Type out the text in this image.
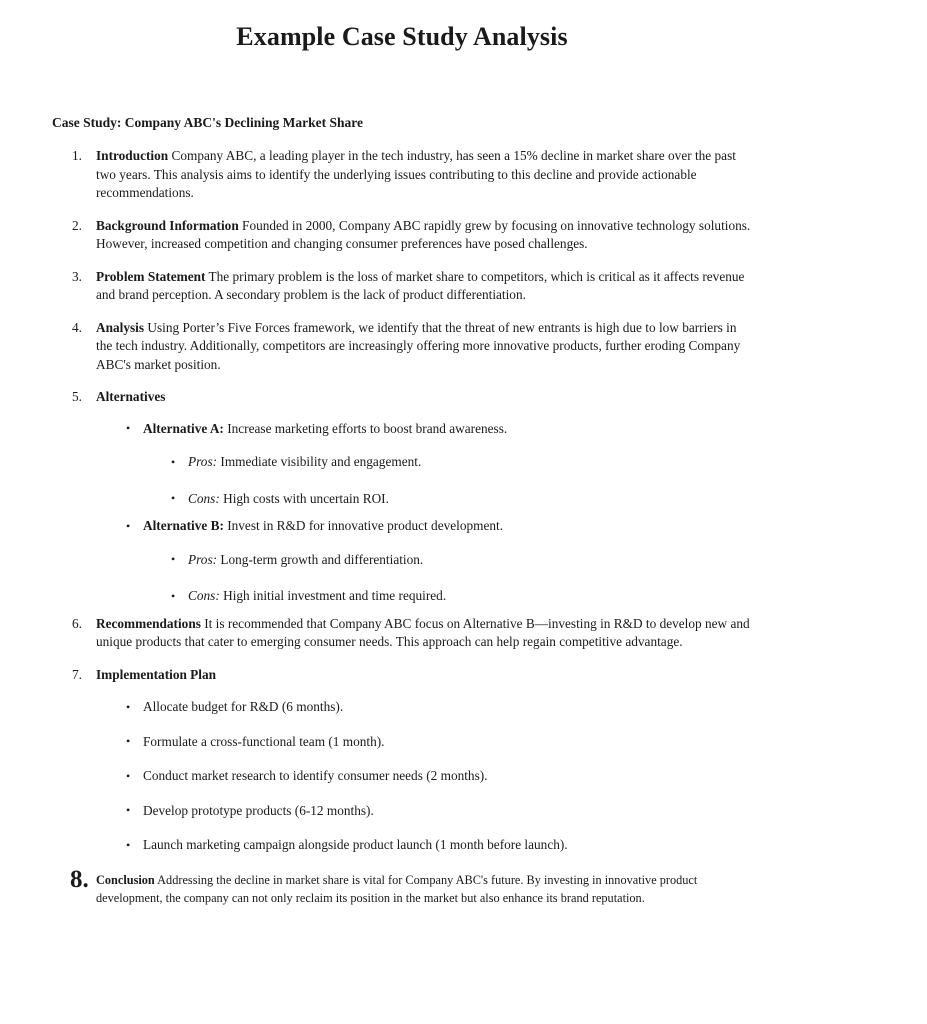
Example Case Study Analysis
Case Study: Company ABC's Declining Market Share
1.	Introduction Company ABC, a leading player in the tech industry, has seen a 15% decline in market share over the past two years. This analysis aims to identify the underlying issues contributing to this decline and provide actionable recommendations.
2.	Background Information Founded in 2000, Company ABC rapidly grew by focusing on innovative technology solutions. However, increased competition and changing consumer preferences have posed challenges.
3.	Problem Statement The primary problem is the loss of market share to competitors, which is critical as it affects revenue and brand perception. A secondary problem is the lack of product differentiation.
4.	Analysis Using Porter’s Five Forces framework, we identify that the threat of new entrants is high due to low barriers in the tech industry. Additionally, competitors are increasingly offering more innovative products, further eroding Company ABC's market position.
5.	Alternatives
• Alternative A: Increase marketing efforts to boost brand awareness.
• Pros: Immediate visibility and engagement.
• Cons: High costs with uncertain ROI.
• Alternative B: Invest in R&D for innovative product development.
• Pros: Long-term growth and differentiation.
• Cons: High initial investment and time required.
6.	Recommendations It is recommended that Company ABC focus on Alternative B—investing in R&D to develop new and unique products that cater to emerging consumer needs. This approach can help regain competitive advantage.
7.	Implementation Plan
• Allocate budget for R&D (6 months).
• Formulate a cross-functional team (1 month).
• Conduct market research to identify consumer needs (2 months).
• Develop prototype products (6-12 months).
• Launch marketing campaign alongside product launch (1 month before launch).
8. Conclusion Addressing the decline in market share is vital for Company ABC's future. By investing in innovative product development, the company can not only reclaim its position in the market but also enhance its brand reputation.
